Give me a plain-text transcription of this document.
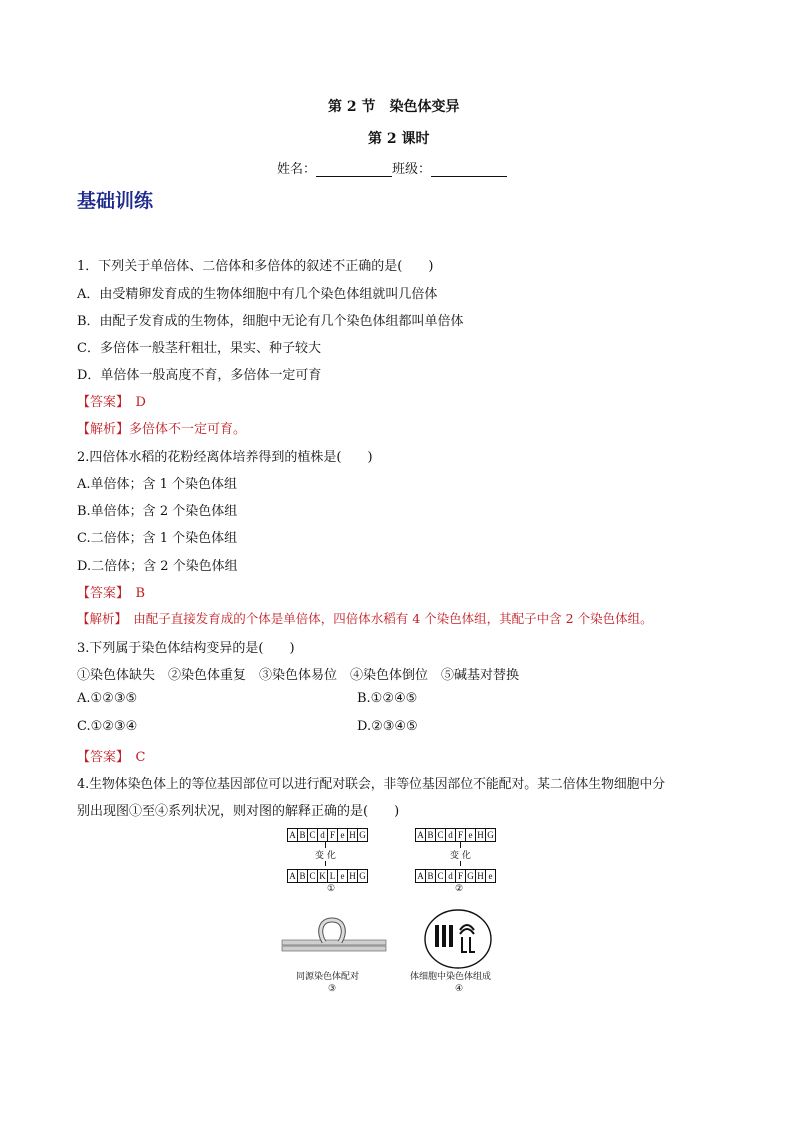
第 2 节　染色体变异
第 2 课时
姓名：	班级：
基础训练
1．下列关于单倍体、二倍体和多倍体的叙述不正确的是(　　)
A．由受精卵发育成的生物体细胞中有几个染色体组就叫几倍体
B．由配子发育成的生物体，细胞中无论有几个染色体组都叫单倍体
C．多倍体一般茎秆粗壮，果实、种子较大
D．单倍体一般高度不育，多倍体一定可育
【答案】　 D
【解析】多倍体不一定可育。
2.四倍体水稻的花粉经离体培养得到的植株是(　　)
A.单倍体；含 1 个染色体组
B.单倍体；含 2 个染色体组
C.二倍体；含 1 个染色体组
D.二倍体；含 2 个染色体组
【答案】　 B
【解析】　 由配子直接发育成的个体是单倍体，四倍体水稻有 4 个染色体组，其配子中含 2 个染色体组。
3.下列属于染色体结构变异的是(　　)
①染色体缺失　②染色体重复　③染色体易位　④染色体倒位　⑤碱基对替换
A.①②③⑤	B.①②④⑤
C.①②③④	D.②③④⑤
【答案】　 C
4.生物体染色体上的等位基因部位可以进行配对联会，非等位基因部位不能配对。某二倍体生物细胞中分
别出现图①至④系列状况，则对图的解释正确的是(　　)
A B C d F e H G
变 化
A B C K L e H G
①
A B C d F e H G
变 化
A B C d F G H e
②
同源染色体配对
③
体细胞中染色体组成
④
